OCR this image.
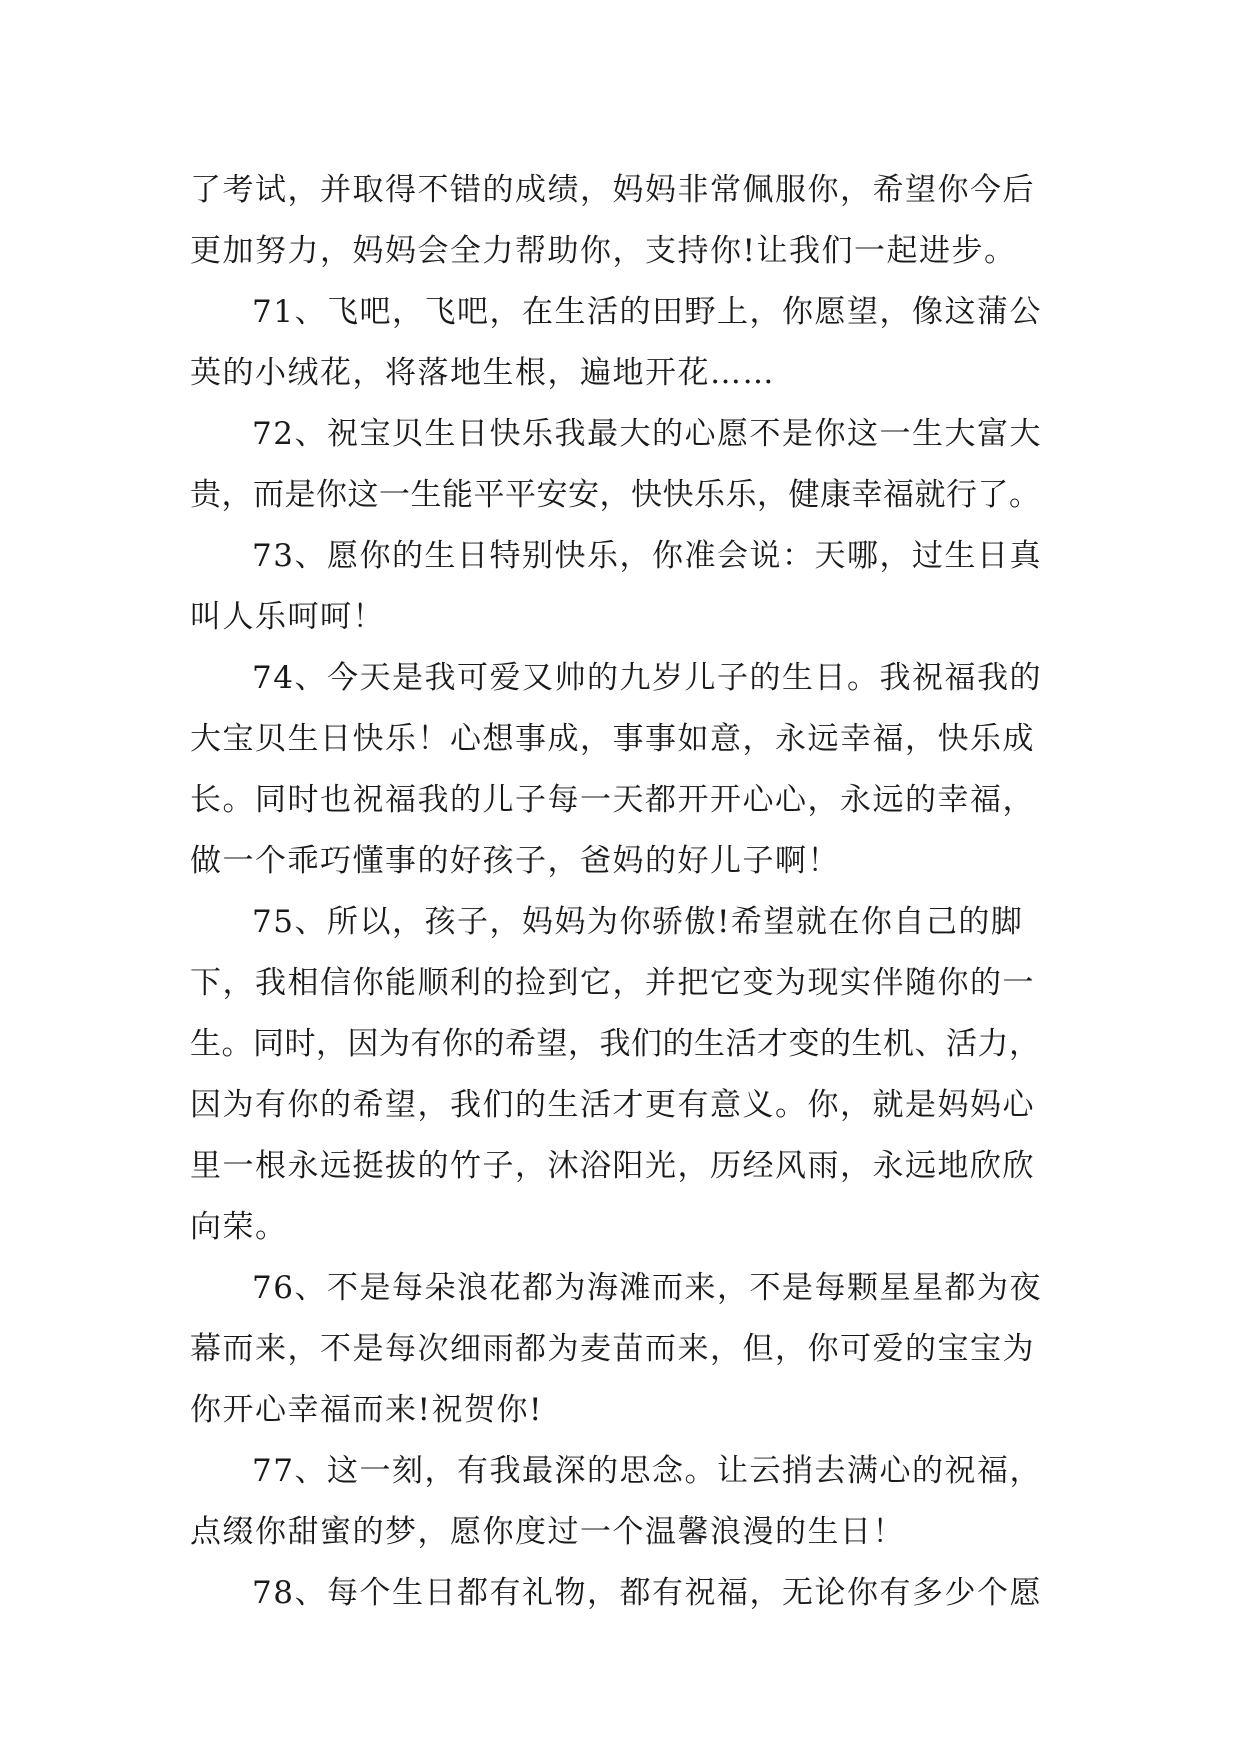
了考试，并取得不错的成绩，妈妈非常佩服你，希望你今后
更加努力，妈妈会全力帮助你，支持你!让我们一起进步。
71、飞吧，飞吧，在生活的田野上，你愿望，像这蒲公
英的小绒花，将落地生根，遍地开花……
72、祝宝贝生日快乐我最大的心愿不是你这一生大富大
贵，而是你这一生能平平安安，快快乐乐，健康幸福就行了。
73、愿你的生日特别快乐，你准会说：天哪，过生日真
叫人乐呵呵！
74、今天是我可爱又帅的九岁儿子的生日。我祝福我的
大宝贝生日快乐！心想事成，事事如意，永远幸福，快乐成
长。同时也祝福我的儿子每一天都开开心心，永远的幸福，
做一个乖巧懂事的好孩子，爸妈的好儿子啊！
75、所以，孩子，妈妈为你骄傲!希望就在你自己的脚
下，我相信你能顺利的捡到它，并把它变为现实伴随你的一
生。同时，因为有你的希望，我们的生活才变的生机、活力，
因为有你的希望，我们的生活才更有意义。你，就是妈妈心
里一根永远挺拔的竹子，沐浴阳光，历经风雨，永远地欣欣
向荣。
76、不是每朵浪花都为海滩而来，不是每颗星星都为夜
幕而来，不是每次细雨都为麦苗而来，但，你可爱的宝宝为
你开心幸福而来!祝贺你!
77、这一刻，有我最深的思念。让云捎去满心的祝福，
点缀你甜蜜的梦，愿你度过一个温馨浪漫的生日！
78、每个生日都有礼物，都有祝福，无论你有多少个愿
